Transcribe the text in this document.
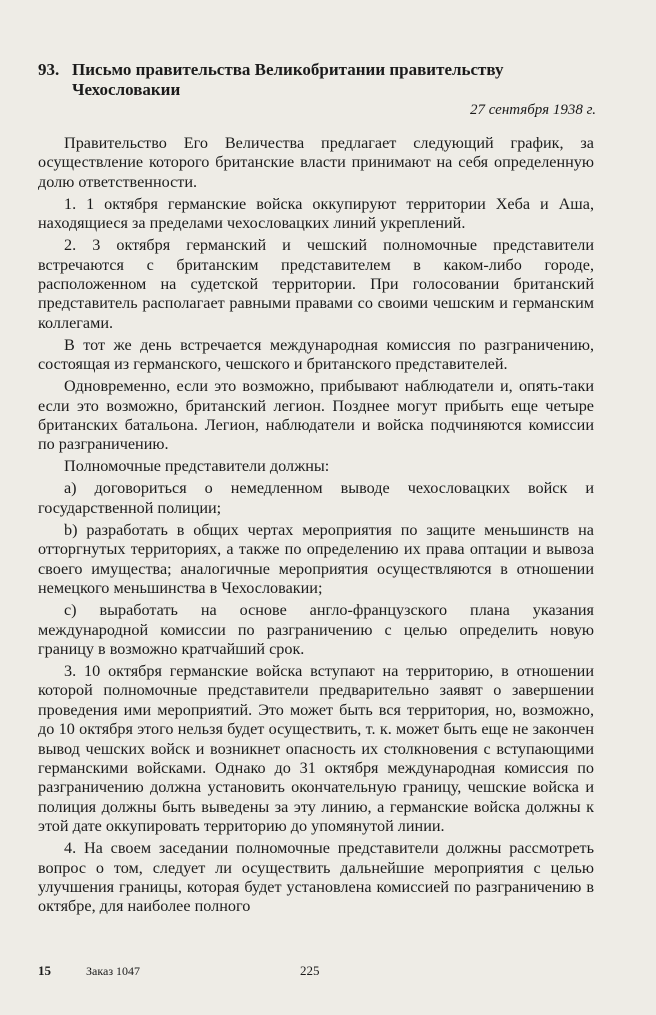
93. Письмо правительства Великобритании правительству
Чехословакии
27 сентября 1938 г.

Правительство Его Величества предлагает следующий график, за осуществление которого британские власти принимают на себя определенную долю ответственности.

1. 1 октября германские войска оккупируют территории Хеба и Аша, находящиеся за пределами чехословацких линий укреплений.

2. 3 октября германский и чешский полномочные представители встречаются с британским представителем в каком-либо городе, расположенном на судетской территории. При голосовании британский представитель располагает равными правами со своими чешским и германским коллегами.

В тот же день встречается международная комиссия по разграничению, состоящая из германского, чешского и британского представителей.

Одновременно, если это возможно, прибывают наблюдатели и, опять-таки если это возможно, британский легион. Позднее могут прибыть еще четыре британских батальона. Легион, наблюдатели и войска подчиняются комиссии по разграничению.

Полномочные представители должны:

а) договориться о немедленном выводе чехословацких войск и государственной полиции;

b) разработать в общих чертах мероприятия по защите меньшинств на отторгнутых территориях, а также по определению их права оптации и вывоза своего имущества; аналогичные мероприятия осуществляются в отношении немецкого меньшинства в Чехословакии;

с) выработать на основе англо-французского плана указания международной комиссии по разграничению с целью определить новую границу в возможно кратчайший срок.

3. 10 октября германские войска вступают на территорию, в отношении которой полномочные представители предварительно заявят о завершении проведения ими мероприятий. Это может быть вся территория, но, возможно, до 10 октября этого нельзя будет осуществить, т. к. может быть еще не закончен вывод чешских войск и возникнет опасность их столкновения с вступающими германскими войсками. Однако до 31 октября международная комиссия по разграничению должна установить окончательную границу, чешские войска и полиция должны быть выведены за эту линию, а германские войска должны к этой дате оккупировать территорию до упомянутой линии.

4. На своем заседании полномочные представители должны рассмотреть вопрос о том, следует ли осуществить дальнейшие мероприятия с целью улучшения границы, которая будет установлена комиссией по разграничению в октябре, для наиболее полного

15	Заказ 1047	225
